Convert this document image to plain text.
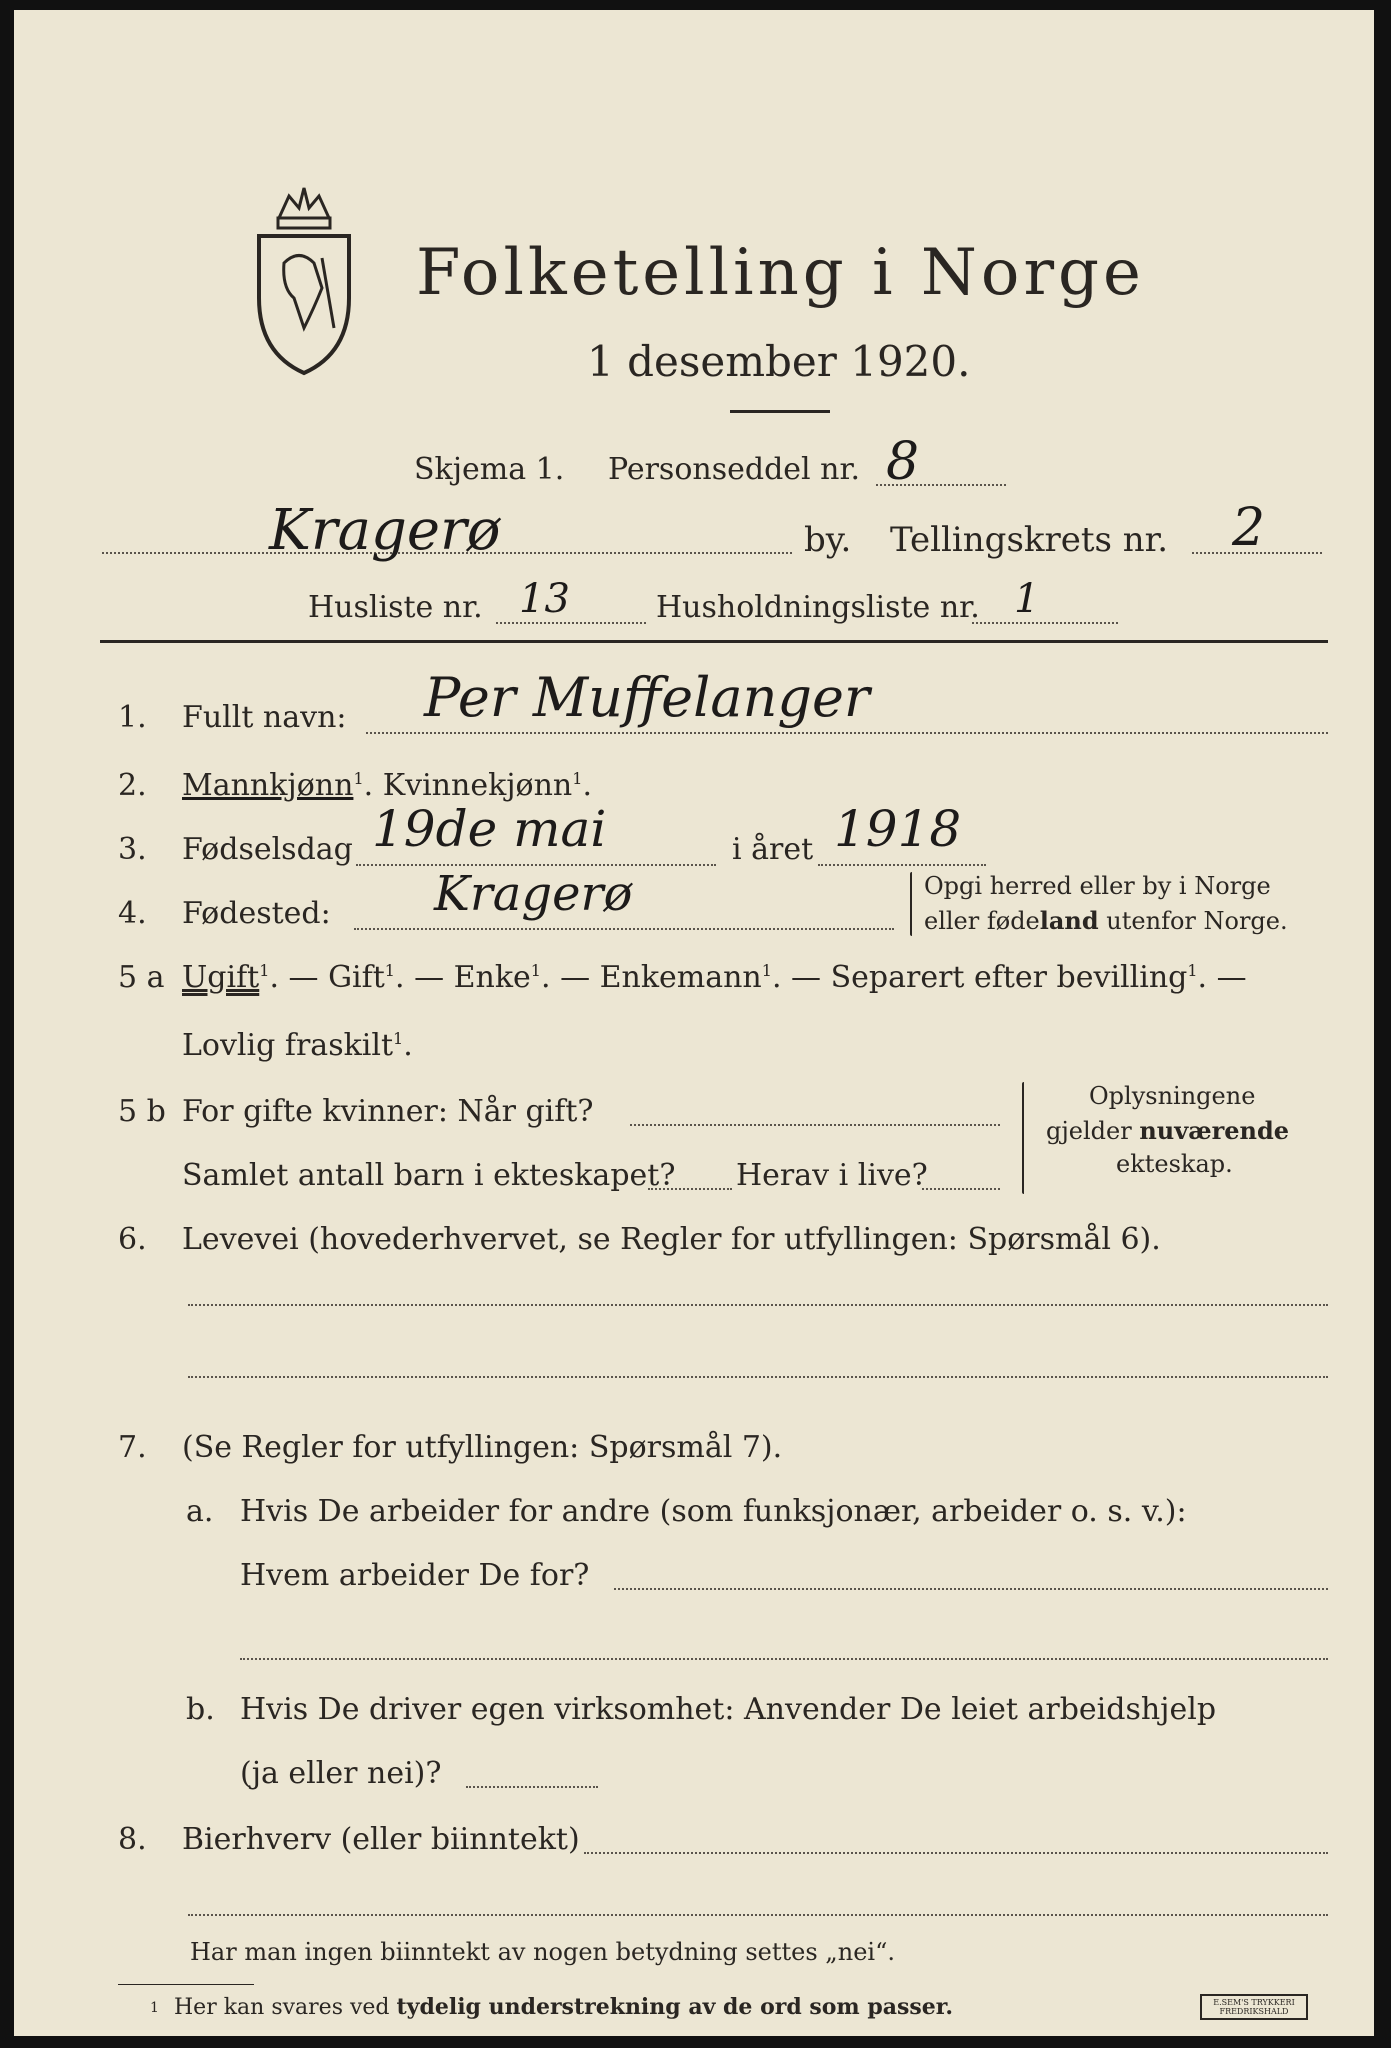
Folketelling i Norge
1 desember 1920.
Skjema 1. Personseddel nr. 8
Kragerø	by. Tellingskrets nr. 2
Husliste nr. 13	Husholdningsliste nr. 1
1. Fullt navn: Per Muffelanger
2. Mannkjønn$^1$. Kvinnekjønn$^1$.
3. Fødselsdag 19de mai	i året 1918
4. Fødested: Kragerø	Opgi herred eller by i Norge
eller fødeland utenfor Norge.
5 a Ugift$^1$. — Gift$^1$. — Enke$^1$. — Enkemann$^1$. — Separert efter bevilling$^1$. —
Lovlig fraskilt$^1$.
5 b For gifte kvinner: Når gift?
Samlet antall barn i ekteskapet? Herav i live?
Oplysningene
gjelder nuværende
ekteskap.
6. Levevei (hovederhvervet, se Regler for utfyllingen: Spørsmål 6).
7. (Se Regler for utfyllingen: Spørsmål 7).
a. Hvis De arbeider for andre (som funksjonær, arbeider o. s. v.):
Hvem arbeider De for?
b. Hvis De driver egen virksomhet: Anvender De leiet arbeidshjelp
(ja eller nei)?
8. Bierhverv (eller biinntekt)
Har man ingen biinntekt av nogen betydning settes „nei“.
1 Her kan svares ved tydelig understrekning av de ord som passer.	E.SEM'S TRYKKERI
FREDRIKSHALD
